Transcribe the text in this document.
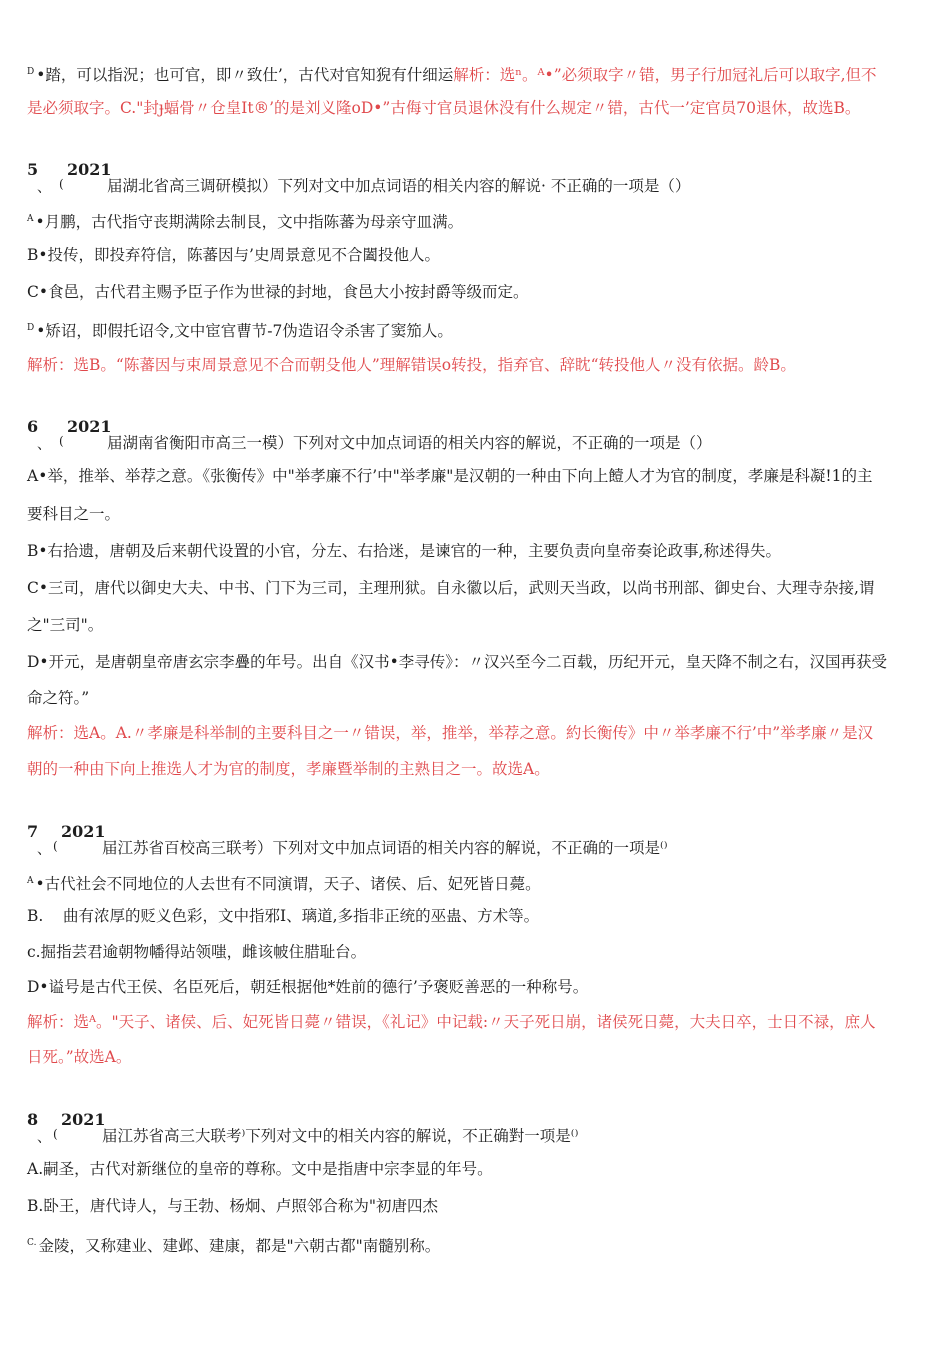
$^D$ •踏，可以指況；也可官，即〃致仕’，古代对官知猊有什细运解析：选ⁿ。ᴬ•”必须取字〃错，男子行加冠礼后可以取字,但不
是必须取字。C."封ɟ蝠骨〃仓皇It®’的是刘义隆oD•”古侮寸官员退休没有什么规定〃错，古代一’定官员70退休，故选B。
5
、 (
2021
届湖北省高三调研模拟）下列对文中加点词语的相关内容的解说· 不正确的一项是（）
$^A$ •月鹏，古代指守丧期满除去制艮，文中指陈蕃为母亲守皿满。
B•投传，即投弃符信，陈蕃因与’史周景意见不合闔投他人。
C•食邑，古代君主赐予臣子作为世禄的封地，食邑大小按封爵等级而定。
$^D$ •矫诏，即假托诏令,文中宦官曹节-7伪造诏令杀害了窦笳人。
解析：选B。“陈蕃因与束周景意见不合而朝殳他人”理解错误o转投，指弃官、辞眈“转投他人〃没有依据。龄B。
6
、 (
2021
届湖南省衡阳市高三一模）下列对文中加点词语的相关内容的解说，不正确的一项是（）
A•举，推举、举荐之意。《张衡传》中"举孝廉不行’中"举孝廉"是汉朝的一种由下向上饐人才为官的制度，孝廉是科凝!1的主
要科目之一。
B•右拾遗，唐朝及后来朝代设置的小官，分左、右拾迷，是谏官的一种，主要负责向皇帝奏论政事,称述得失。
C•三司，唐代以御史大夫、中书、门下为三司，主理刑狱。自永徽以后，武则天当政，以尚书刑部、御史台、大理寺杂接,谓
之"三司"。
D•开元，是唐朝皇帝唐玄宗李疊的年号。出自《汉书•李寻传》：〃汉兴至今二百载，历纪开元，皇天降不制之右，汉国再获受
命之符。”
解析：选A。A.〃孝廉是科举制的主要科目之一〃错误，举，推举，举荐之意。約长衡传》中〃举孝廉不行’中”举孝廉〃是汉
朝的一种由下向上推选人才为官的制度，孝廉暨举制的主熟目之一。故选A。
7
、 (
2021
届江苏省百校高三联考）下列对文中加点词语的相关内容的解说，不正确的一项是⁽⁾
$^A$ •古代社会不同地位的人去世有不同演谓，天子、诸侯、后、妃死皆日薨。
B.    曲有浓厚的贬义色彩，文中指邪I、璃道,多指非正统的巫蛊、方术等。
c.掘指芸君逾朝物幡得站领嗤，雌该帔住腊耻台。
D•谥号是古代王侯、名臣死后，朝廷根据他*姓前的德行’予褒贬善恶的一种称号。
解析：选ᴬ。"天子、诸侯、后、妃死皆日薨〃错误，《礼记》中记载:〃天子死日崩，诸侯死日薨，大夫日卒，士日不禄，庶人
日死。”故选A。
8
、 (
2021
届江苏省高三大联考⁾下列对文中的相关内容的解说，不正确對一项是⁽⁾
A.嗣圣，古代对新继位的皇帝的尊称。文中是指唐中宗李显的年号。
B.卧王，唐代诗人，与王勃、杨炯、卢照邻合称为"初唐四杰
$^{C.}$ 金陵，又称建业、建邺、建康，都是"六朝古都"南髓别称。
